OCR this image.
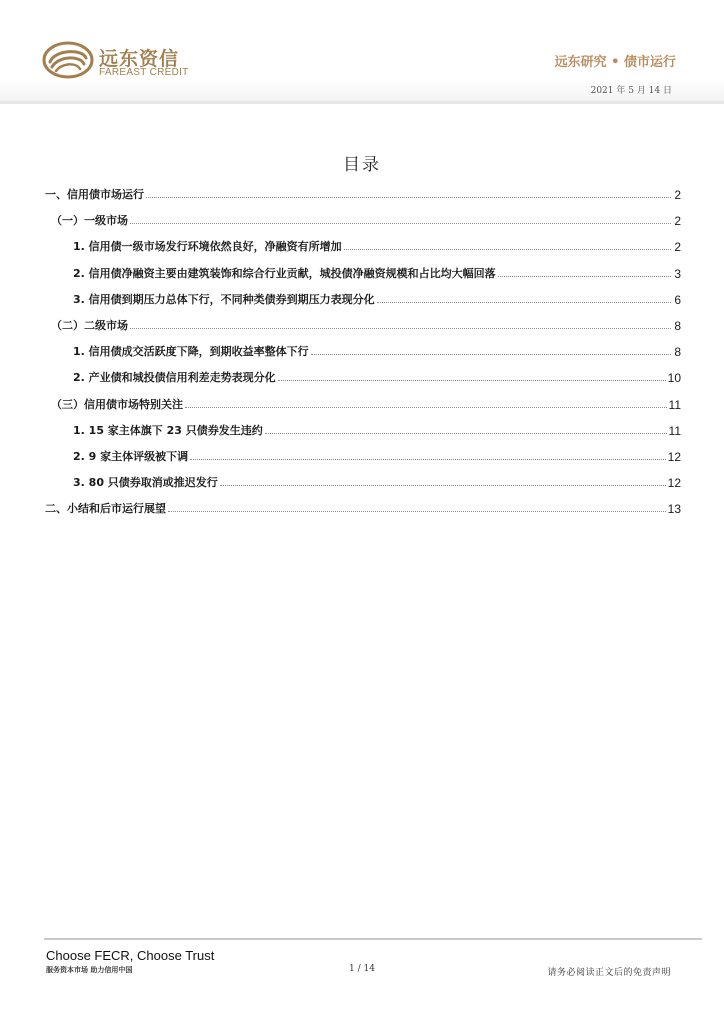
远东资信
FAREAST CREDIT
远东研究 • 债市运行
2021 年 5 月 14 日
目录
一、信用债市场运行	2
（一）一级市场	2
1. 信用债一级市场发行环境依然良好，净融资有所增加	2
2. 信用债净融资主要由建筑装饰和综合行业贡献，城投债净融资规模和占比均大幅回落	3
3. 信用债到期压力总体下行，不同种类债券到期压力表现分化	6
（二）二级市场	8
1. 信用债成交活跃度下降，到期收益率整体下行	8
2. 产业债和城投债信用利差走势表现分化	10
（三）信用债市场特别关注	11
1. 15 家主体旗下 23 只债券发生违约	11
2. 9 家主体评级被下调	12
3. 80 只债券取消或推迟发行	12
二、小结和后市运行展望	13
Choose FECR, Choose Trust
服务资本市场 助力信用中国	1 / 14	请务必阅读正文后的免责声明
